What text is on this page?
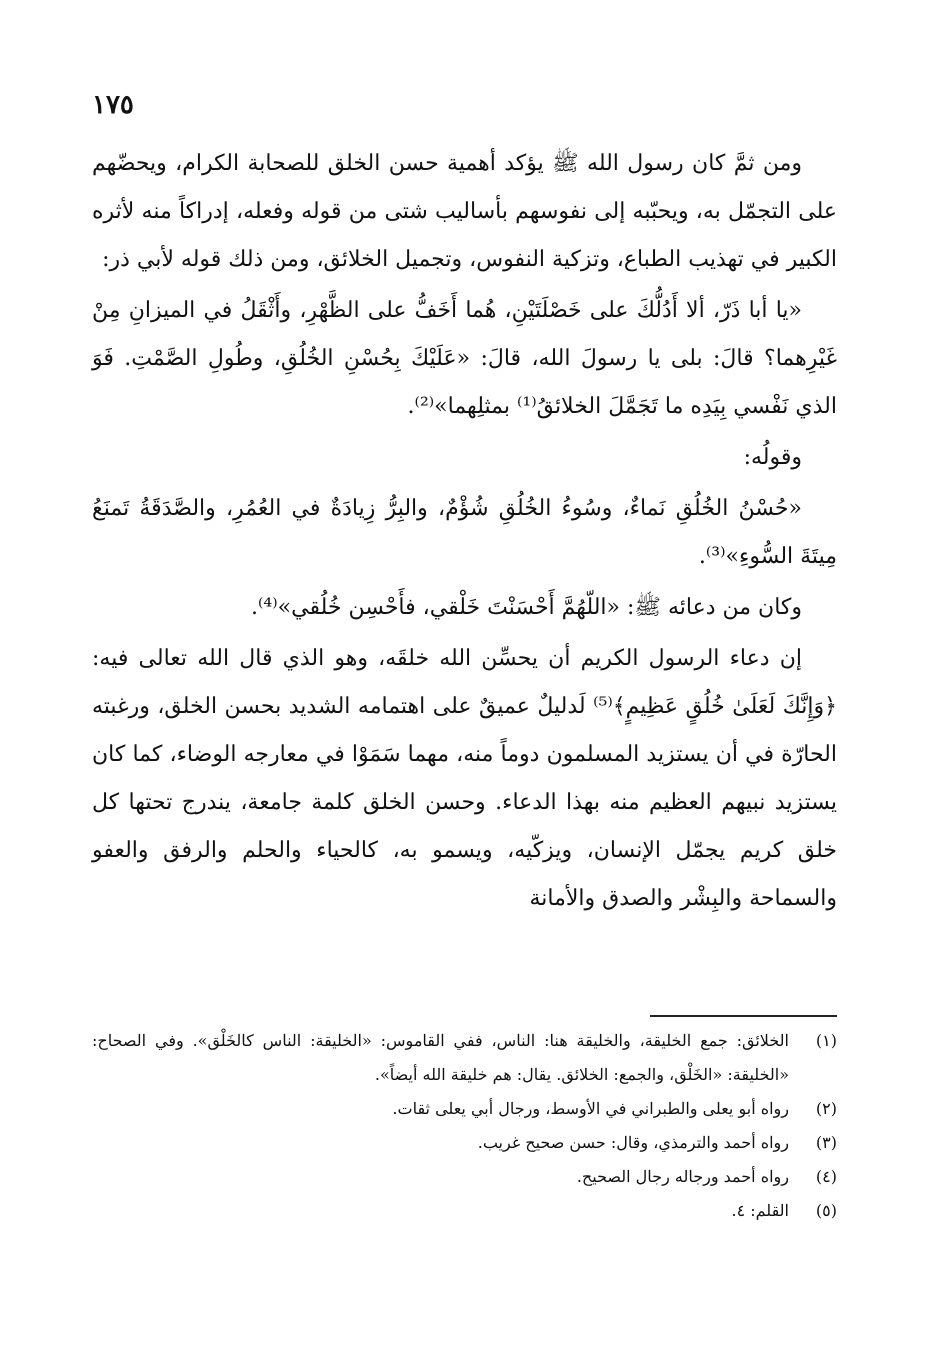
١٧٥

ومن ثمَّ كان رسول الله ﷺ يؤكد أهمية حسن الخلق للصحابة الكرام، ويحضّهم على التجمّل به، ويحبّبه إلى نفوسهم بأساليب شتى من قوله وفعله، إدراكاً منه لأثره الكبير في تهذيب الطباع، وتزكية النفوس، وتجميل الخلائق، ومن ذلك قوله لأبي ذر:

«يا أبا ذَرّ، ألا أَدُلُّكَ على خَصْلَتَيْنِ، هُما أَخَفُّ على الظَّهْرِ، وأَثْقَلُ في الميزانِ مِنْ غَيْرِهما؟ قالَ: بلى يا رسولَ الله، قالَ: «عَلَيْكَ بِحُسْنِ الخُلُقِ، وطُولِ الصَّمْتِ. فَوَ الذي نَفْسي بِيَدِه ما تَجَمَّلَ الخلائقُ⁽¹⁾ بمثلِهما»⁽²⁾.

وقولُه:

«حُسْنُ الخُلُقِ نَماءٌ، وسُوءُ الخُلُقِ شُؤْمٌ، والبِرُّ زِيادَةٌ في العُمُرِ، والصَّدَقَةُ تَمنَعُ مِيتَةَ السُّوءِ»⁽³⁾.

وكان من دعائه ﷺ: «اللّهُمَّ أَحْسَنْتَ خَلْقي، فأَحْسِن خُلُقي»⁽⁴⁾.

إن دعاء الرسول الكريم أن يحسِّن الله خلقَه، وهو الذي قال الله تعالى فيه: ﴿وَإِنَّكَ لَعَلَىٰ خُلُقٍ عَظِيمٍ﴾⁽⁵⁾ لَدليلٌ عميقٌ على اهتمامه الشديد بحسن الخلق، ورغبته الحارّة في أن يستزيد المسلمون دوماً منه، مهما سَمَوْا في معارجه الوضاء، كما كان يستزيد نبيهم العظيم منه بهذا الدعاء. وحسن الخلق كلمة جامعة، يندرج تحتها كل خلق كريم يجمّل الإنسان، ويزكّيه، ويسمو به، كالحياء والحلم والرفق والعفو والسماحة والبِشْر والصدق والأمانة

(١)
الخلائق: جمع الخليقة، والخليقة هنا: الناس، ففي القاموس: «الخليقة: الناس كالخَلْق». وفي الصحاح: «الخليقة: «الخَلْق، والجمع: الخلائق. يقال: هم خليقة الله أيضاً».
(٢)
رواه أبو يعلى والطبراني في الأوسط، ورجال أبي يعلى ثقات.
(٣)
رواه أحمد والترمذي، وقال: حسن صحيح غريب.
(٤)
رواه أحمد ورجاله رجال الصحيح.
(٥)
القلم: ٤.
